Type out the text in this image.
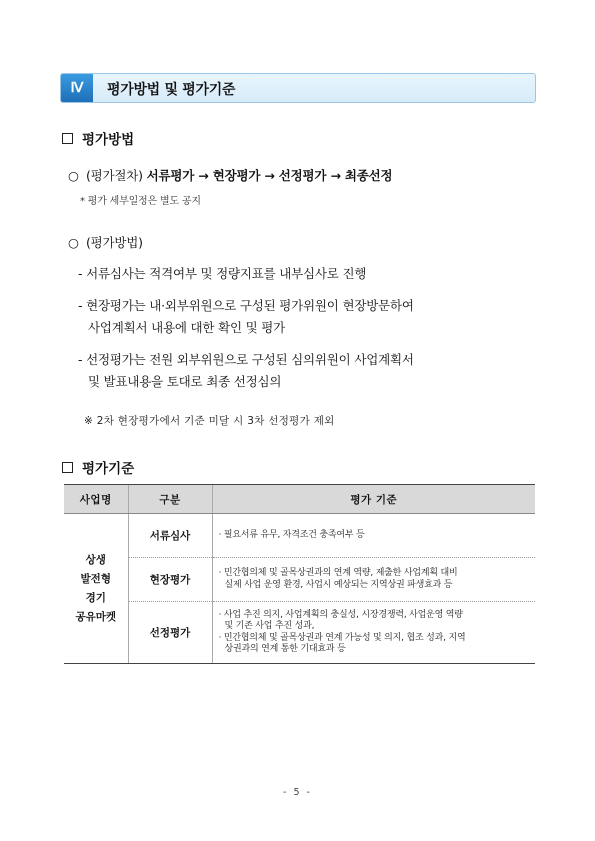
Ⅳ	평가방법 및 평가기준
평가방법
○ (평가절차) 서류평가 → 현장평가 → 선정평가 → 최종선정
* 평가 세부일정은 별도 공지
○ (평가방법)
- 서류심사는 적격여부 및 정량지표를 내부심사로 진행
- 현장평가는 내·외부위원으로 구성된 평가위원이 현장방문하여
사업계획서 내용에 대한 확인 및 평가
- 선정평가는 전원 외부위원으로 구성된 심의위원이 사업계획서
및 발표내용을 토대로 최종 선정심의
※ 2차 현장평가에서 기준 미달 시 3차 선정평가 제외
평가기준
사업명	구분	평가 기준

상생
발전형
경기
공유마켓	서류심사	· 필요서류 유무, 자격조건 충족여부 등

	현장평가	· 민간협의체 및 골목상권과의 연계 역량, 제출한 사업계획 대비
실제 사업 운영 환경, 사업시 예상되는 지역상권 파생효과 등

	선정평가	· 사업 추진 의지, 사업계획의 충실성, 시장경쟁력, 사업운영 역량
및 기존 사업 추진 성과,
· 민간협의체 및 골목상권과 연계 가능성 및 의지, 협조 성과, 지역
상권과의 연계 통한 기대효과 등
- 5 -
